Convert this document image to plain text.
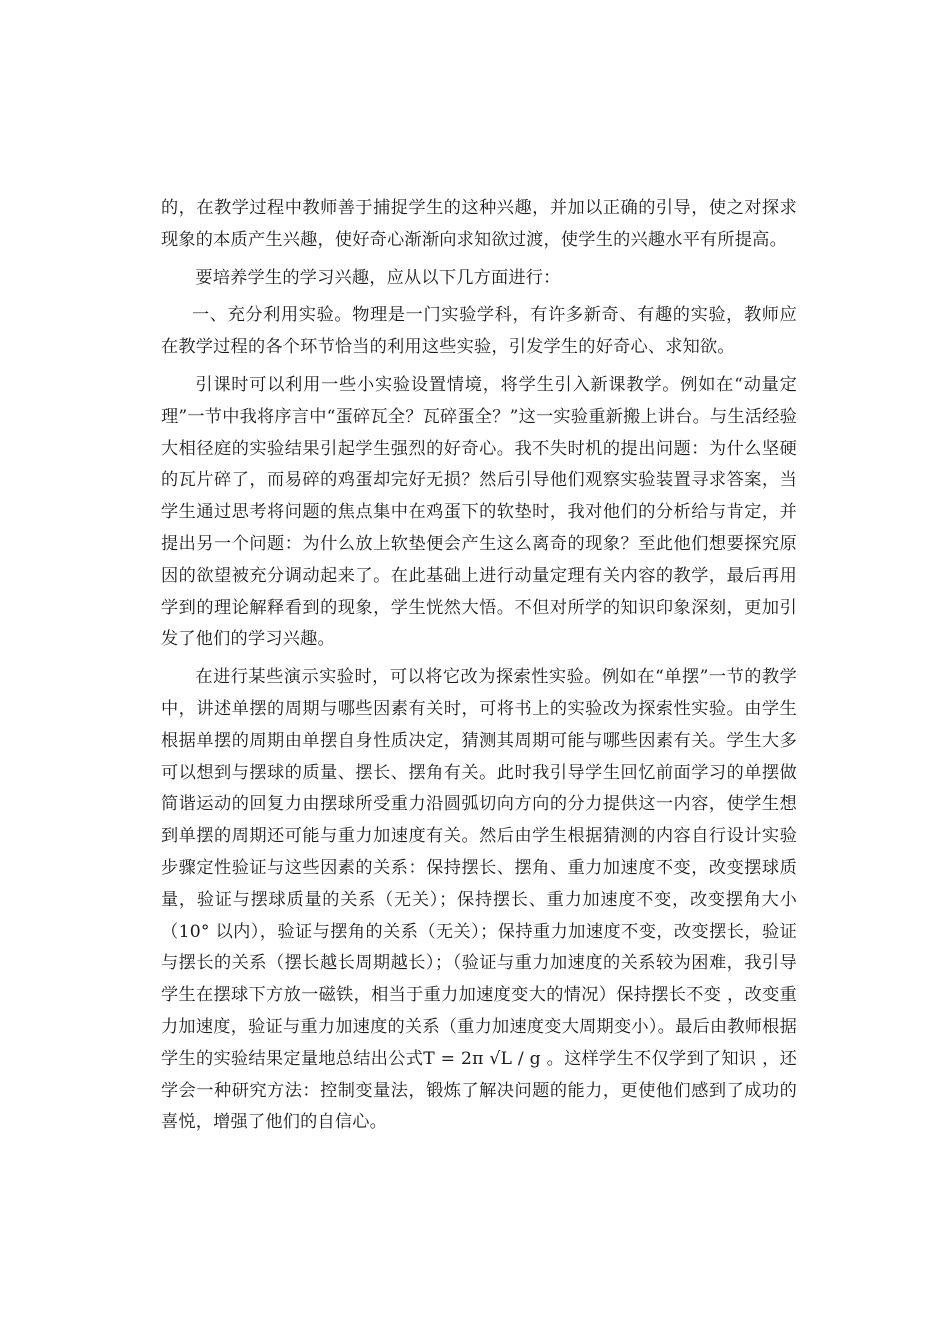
的，在教学过程中教师善于捕捉学生的这种兴趣，并加以正确的引导，使之对探求现象的本质产生兴趣，使好奇心渐渐向求知欲过渡，使学生的兴趣水平有所提高。

要培养学生的学习兴趣，应从以下几方面进行：

一、充分利用实验。物理是一门实验学科，有许多新奇、有趣的实验，教师应在教学过程的各个环节恰当的利用这些实验，引发学生的好奇心、求知欲。

引课时可以利用一些小实验设置情境，将学生引入新课教学。例如在“动量定理”一节中我将序言中“蛋碎瓦全？瓦碎蛋全？”这一实验重新搬上讲台。与生活经验大相径庭的实验结果引起学生强烈的好奇心。我不失时机的提出问题：为什么坚硬的瓦片碎了，而易碎的鸡蛋却完好无损？然后引导他们观察实验装置寻求答案，当学生通过思考将问题的焦点集中在鸡蛋下的软垫时，我对他们的分析给与肯定，并提出另一个问题：为什么放上软垫便会产生这么离奇的现象？至此他们想要探究原因的欲望被充分调动起来了。在此基础上进行动量定理有关内容的教学，最后再用学到的理论解释看到的现象，学生恍然大悟。不但对所学的知识印象深刻，更加引发了他们的学习兴趣。

在进行某些演示实验时，可以将它改为探索性实验。例如在“单摆”一节的教学中，讲述单摆的周期与哪些因素有关时，可将书上的实验改为探索性实验。由学生根据单摆的周期由单摆自身性质决定，猜测其周期可能与哪些因素有关。学生大多可以想到与摆球的质量、摆长、摆角有关。此时我引导学生回忆前面学习的单摆做简谐运动的回复力由摆球所受重力沿圆弧切向方向的分力提供这一内容，使学生想到单摆的周期还可能与重力加速度有关。然后由学生根据猜测的内容自行设计实验步骤定性验证与这些因素的关系：保持摆长、摆角、重力加速度不变，改变摆球质量，验证与摆球质量的关系（无关）；保持摆长、重力加速度不变，改变摆角大小（10° 以内），验证与摆角的关系（无关）；保持重力加速度不变，改变摆长，验证与摆长的关系（摆长越长周期越长）；（验证与重力加速度的关系较为困难，我引导学生在摆球下方放一磁铁，相当于重力加速度变大的情况）保持摆长不变 ，改变重力加速度，验证与重力加速度的关系（重力加速度变大周期变小）。最后由教师根据学生的实验结果定量地总结出公式T = 2π √L / g 。这样学生不仅学到了知识 ，还学会一种研究方法：控制变量法，锻炼了解决问题的能力，更使他们感到了成功的喜悦，增强了他们的自信心。
